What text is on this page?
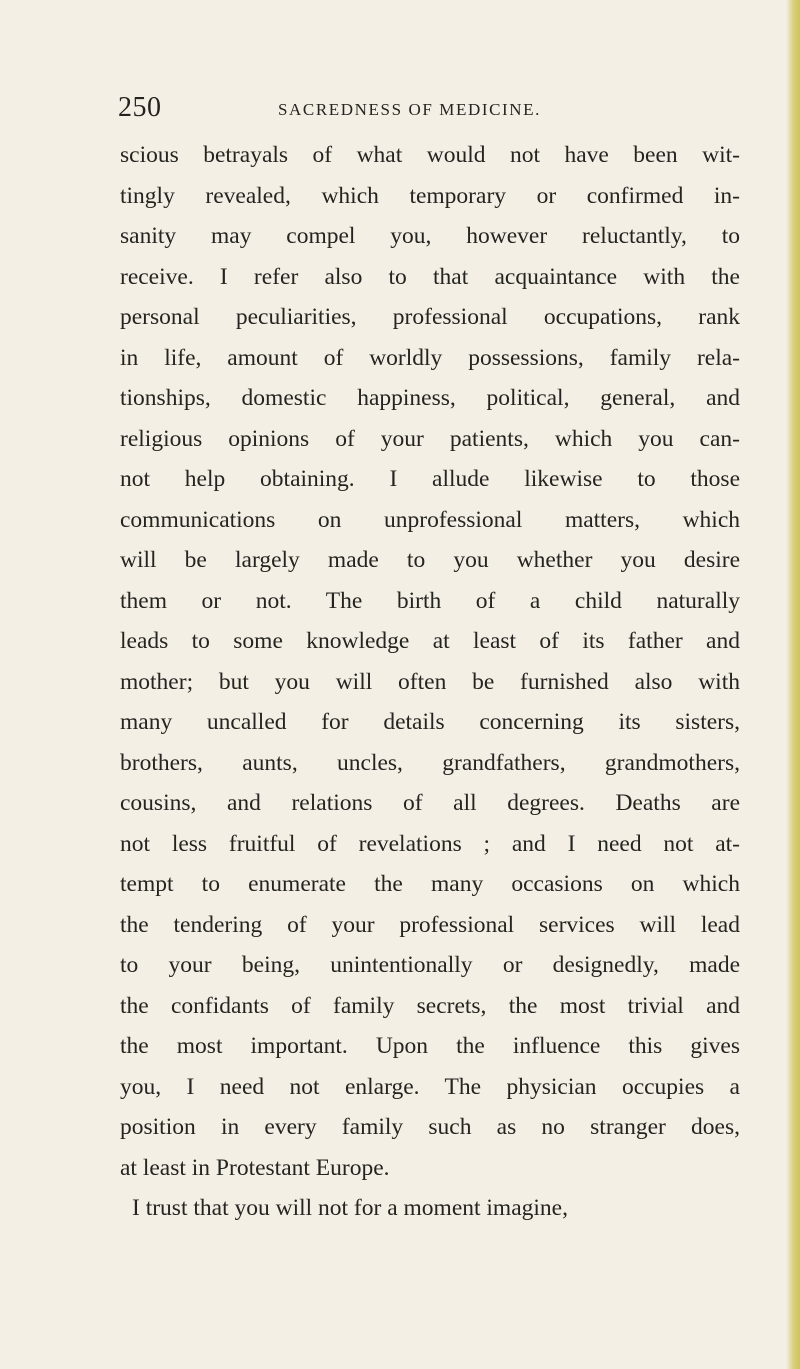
250	SACREDNESS OF MEDICINE.
scious betrayals of what would not have been wit-
tingly revealed, which temporary or confirmed in-
sanity may compel you, however reluctantly, to
receive. I refer also to that acquaintance with the
personal peculiarities, professional occupations, rank
in life, amount of worldly possessions, family rela-
tionships, domestic happiness, political, general, and
religious opinions of your patients, which you can-
not help obtaining. I allude likewise to those
communications on unprofessional matters, which
will be largely made to you whether you desire
them or not. The birth of a child naturally
leads to some knowledge at least of its father and
mother; but you will often be furnished also with
many uncalled for details concerning its sisters,
brothers, aunts, uncles, grandfathers, grandmothers,
cousins, and relations of all degrees. Deaths are
not less fruitful of revelations ; and I need not at-
tempt to enumerate the many occasions on which
the tendering of your professional services will lead
to your being, unintentionally or designedly, made
the confidants of family secrets, the most trivial and
the most important. Upon the influence this gives
you, I need not enlarge. The physician occupies a
position in every family such as no stranger does,
at least in Protestant Europe.
I trust that you will not for a moment imagine,
